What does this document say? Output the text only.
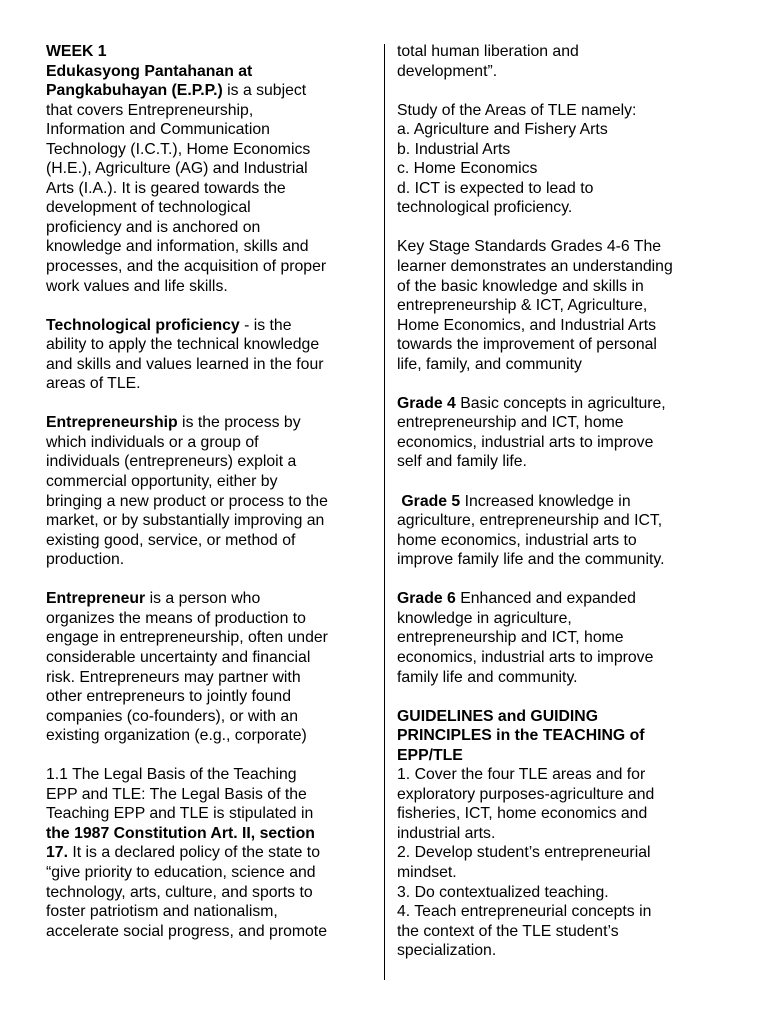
WEEK 1
Edukasyong Pantahanan at
Pangkabuhayan (E.P.P.) is a subject
that covers Entrepreneurship,
Information and Communication
Technology (I.C.T.), Home Economics
(H.E.), Agriculture (AG) and Industrial
Arts (I.A.). It is geared towards the
development of technological
proficiency and is anchored on
knowledge and information, skills and
processes, and the acquisition of proper
work values and life skills.
Technological proficiency - is the
ability to apply the technical knowledge
and skills and values learned in the four
areas of TLE.
Entrepreneurship is the process by
which individuals or a group of
individuals (entrepreneurs) exploit a
commercial opportunity, either by
bringing a new product or process to the
market, or by substantially improving an
existing good, service, or method of
production.
Entrepreneur is a person who
organizes the means of production to
engage in entrepreneurship, often under
considerable uncertainty and financial
risk. Entrepreneurs may partner with
other entrepreneurs to jointly found
companies (co-founders), or with an
existing organization (e.g., corporate)
1.1 The Legal Basis of the Teaching
EPP and TLE: The Legal Basis of the
Teaching EPP and TLE is stipulated in
the 1987 Constitution Art. II, section
17. It is a declared policy of the state to
“give priority to education, science and
technology, arts, culture, and sports to
foster patriotism and nationalism,
accelerate social progress, and promote
total human liberation and
development”.
Study of the Areas of TLE namely:
a. Agriculture and Fishery Arts
b. Industrial Arts
c. Home Economics
d. ICT is expected to lead to
technological proficiency.
Key Stage Standards Grades 4-6 The
learner demonstrates an understanding
of the basic knowledge and skills in
entrepreneurship & ICT, Agriculture,
Home Economics, and Industrial Arts
towards the improvement of personal
life, family, and community
Grade 4 Basic concepts in agriculture,
entrepreneurship and ICT, home
economics, industrial arts to improve
self and family life.
Grade 5 Increased knowledge in
agriculture, entrepreneurship and ICT,
home economics, industrial arts to
improve family life and the community.
Grade 6 Enhanced and expanded
knowledge in agriculture,
entrepreneurship and ICT, home
economics, industrial arts to improve
family life and community.
GUIDELINES and GUIDING
PRINCIPLES in the TEACHING of
EPP/TLE
1. Cover the four TLE areas and for
exploratory purposes-agriculture and
fisheries, ICT, home economics and
industrial arts.
2. Develop student’s entrepreneurial
mindset.
3. Do contextualized teaching.
4. Teach entrepreneurial concepts in
the context of the TLE student’s
specialization.
